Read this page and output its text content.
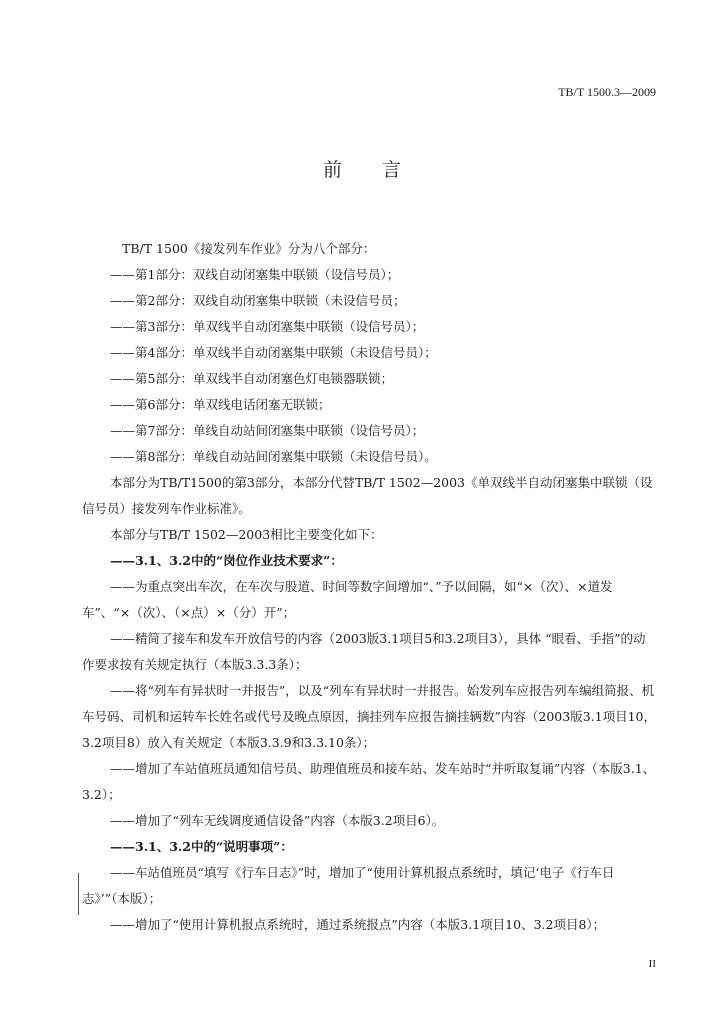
TB/T 1500.3—2009
前言

TB/T 1500《接发列车作业》分为八个部分：

——第1部分：双线自动闭塞集中联锁（设信号员）；

——第2部分：双线自动闭塞集中联锁（未设信号员；

——第3部分：单双线半自动闭塞集中联锁（设信号员）；

——第4部分：单双线半自动闭塞集中联锁（未设信号员）；

——第5部分：单双线半自动闭塞色灯电锁器联锁；

——第6部分：单双线电话闭塞无联锁；

——第7部分：单线自动站间闭塞集中联锁（设信号员）；

——第8部分：单线自动站间闭塞集中联锁（未设信号员）。

本部分为TB/T1500的第3部分，本部分代替TB/T 1502—2003《单双线半自动闭塞集中联锁（设信号员）接发列车作业标准》。

本部分与TB/T 1502—2003相比主要变化如下：

——3.1、3.2中的“岗位作业技术要求”：

——为重点突出车次，在车次与股道、时间等数字间增加“、”予以间隔，如“×（次）、×道发车”、“×（次）、（×点）×（分）开”；

——精简了接车和发车开放信号的内容（2003版3.1项目5和3.2项目3），具体 “眼看、手指”的动作要求按有关规定执行（本版3.3.3条）；

——将“列车有异状时一并报告”，以及“列车有异状时一并报告。始发列车应报告列车编组简报、机车号码、司机和运转车长姓名或代号及晚点原因，摘挂列车应报告摘挂辆数”内容（2003版3.1项目10，3.2项目8）放入有关规定（本版3.3.9和3.3.10条）；

——增加了车站值班员通知信号员、助理值班员和接车站、发车站时“并听取复诵”内容（本版3.1、3.2）；

——增加了“列车无线调度通信设备”内容（本版3.2项目6）。

——3.1、3.2中的“说明事项”：

——车站值班员“填写《行车日志》”时，增加了“使用计算机报点系统时，填记‘电子《行车日志》’”（本版）；

——增加了“使用计算机报点系统时，通过系统报点”内容（本版3.1项目10、3.2项目8）；

II
